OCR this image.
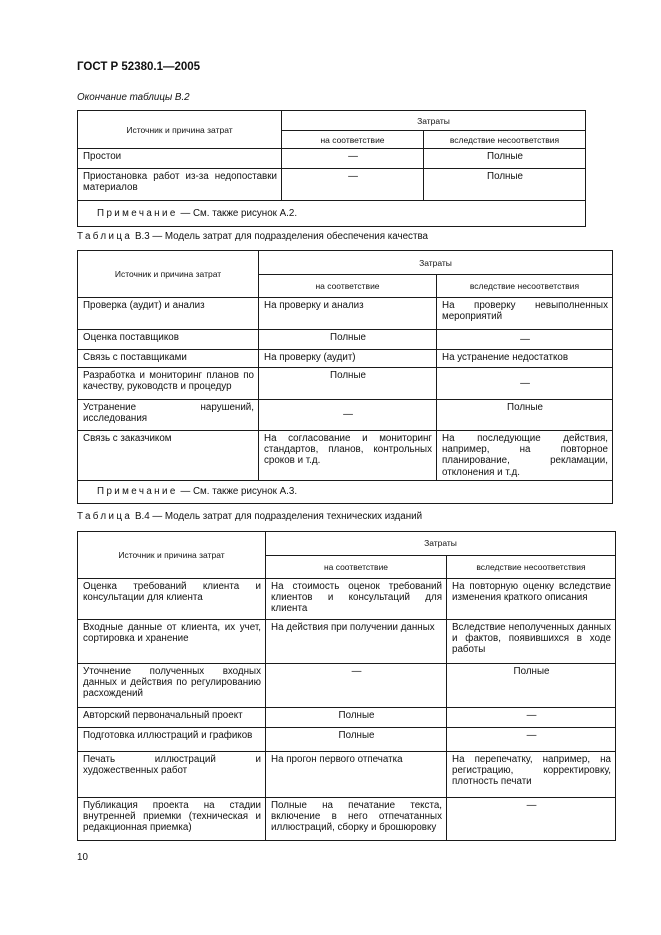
ГОСТ Р 52380.1—2005
Окончание таблицы В.2
Источник и причина затрат	Затраты	
	на соответствие	вследствие несоответствия
Простои	—	Полные
Приостановка работ из-за недопоставки материалов	—	Полные
Примечание — См. также рисунок А.2.		
Таблица В.3 — Модель затрат для подразделения обеспечения качества
Источник и причина затрат	Затраты	
	на соответствие	вследствие несоответствия
Проверка (аудит) и анализ	На проверку и анализ	На проверку невыполненных мероприятий
Оценка поставщиков	Полные	—
Связь с поставщиками	На проверку (аудит)	На устранение недостатков
Разработка и мониторинг планов по качеству, руководств и процедур	Полные	—
Устранение нарушений, исследования	—	Полные
Связь с заказчиком	На согласование и мониторинг стандартов, планов, контрольных сроков и т.д.	На последующие действия, например, на повторное планирование, рекламации, отклонения и т.д.
Примечание — См. также рисунок А.3.		
Таблица В.4 — Модель затрат для подразделения технических изданий
Источник и причина затрат	Затраты	
	на соответствие	вследствие несоответствия
Оценка требований клиента и консультации для клиента	На стоимость оценок требований клиентов и консультаций для клиента	На повторную оценку вследствие изменения краткого описания
Входные данные от клиента, их учет, сортировка и хранение	На действия при получении данных	Вследствие неполученных данных и фактов, появившихся в ходе работы
Уточнение полученных входных данных и действия по регулированию расхождений	—	Полные
Авторский первоначальный проект	Полные	—
Подготовка иллюстраций и графиков	Полные	—
Печать иллюстраций и художественных работ	На прогон первого отпечатка	На перепечатку, например, на регистрацию, корректировку, плотность печати
Публикация проекта на стадии внутренней приемки (техническая и редакционная приемка)	Полные на печатание текста, включение в него отпечатанных иллюстраций, сборку и брошюровку	—
10
